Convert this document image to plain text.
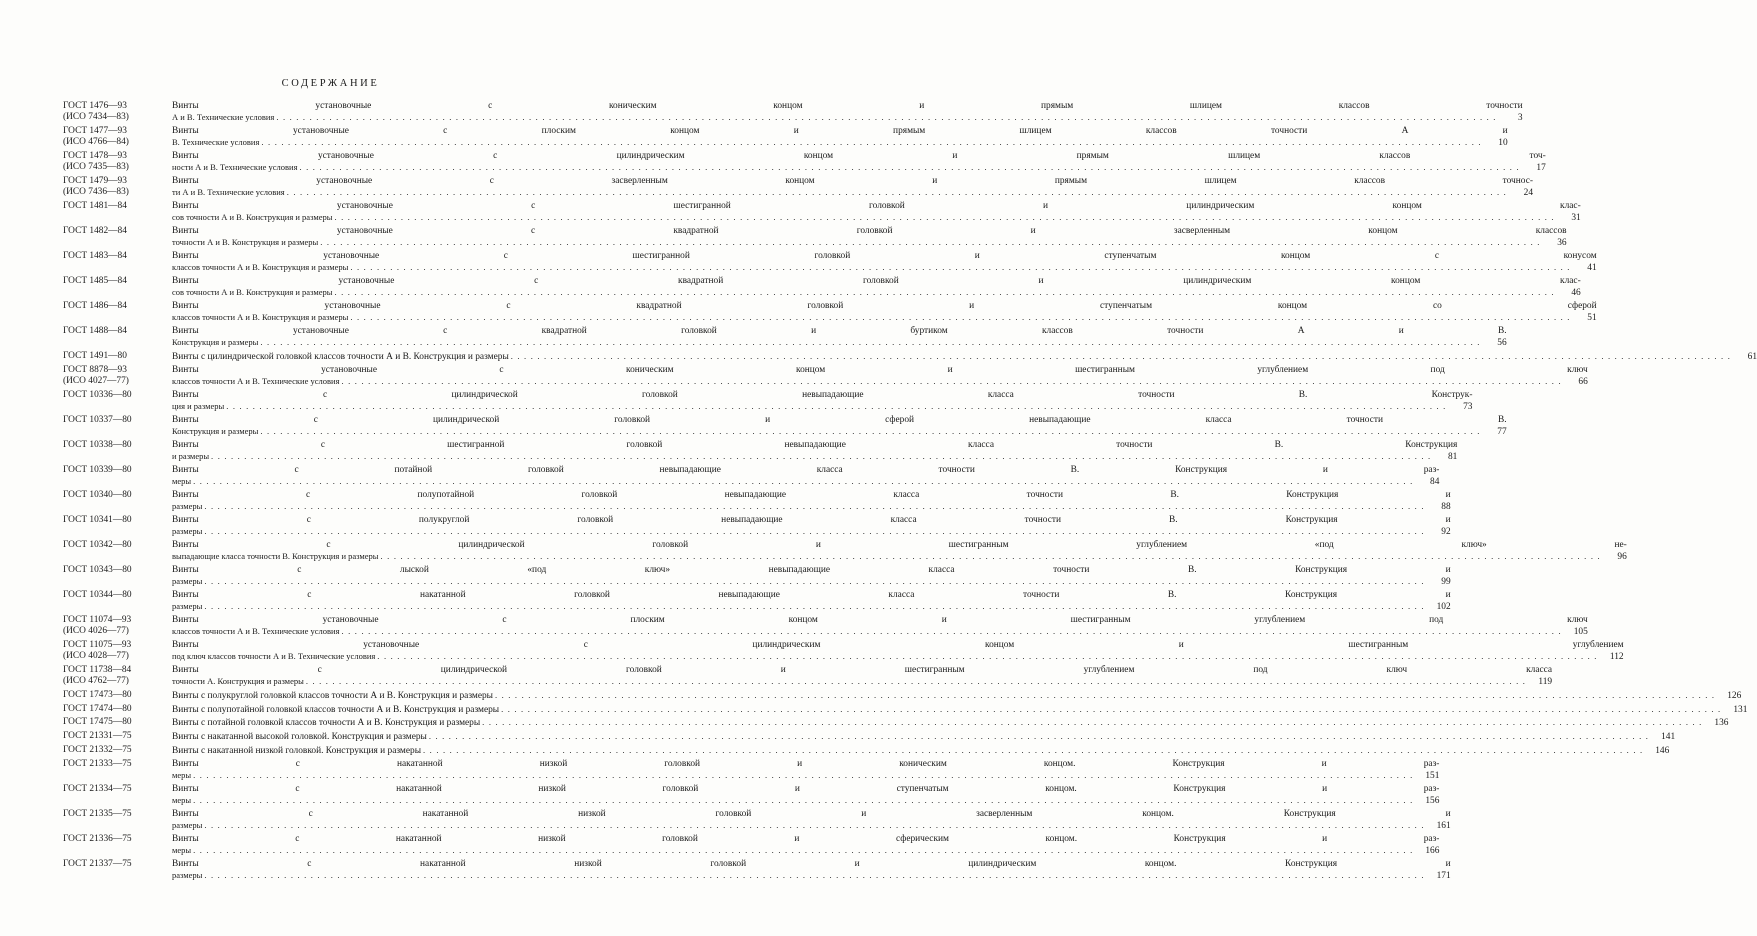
СОДЕРЖАНИЕ
ГОСТ 1476—93
(ИСО 7434—83)
Винты установочные с коническим концом и прямым шлицем классов точности
А и В. Технические условия . . .	3
ГОСТ 1477—93
(ИСО 4766—84)
Винты установочные с плоским концом и прямым шлицем классов точности А и
В. Технические условия . . .	10
ГОСТ 1478—93
(ИСО 7435—83)
Винты установочные с цилиндрическим концом и прямым шлицем классов точ-
ности А и В. Технические условия . . .	17
ГОСТ 1479—93
(ИСО 7436—83)
Винты установочные с засверленным концом и прямым шлицем классов точнос-
ти А и В. Технические условия . . .	24
ГОСТ 1481—84	Винты установочные с шестигранной головкой и цилиндрическим концом клас-
сов точности А и В. Конструкция и размеры . . .	31
ГОСТ 1482—84	Винты установочные с квадратной головкой и засверленным концом классов
точности А и В. Конструкция и размеры . . .	36
ГОСТ 1483—84	Винты установочные с шестигранной головкой и ступенчатым концом с конусом
классов точности А и В. Конструкция и размеры . . .	41
ГОСТ 1485—84	Винты установочные с квадратной головкой и цилиндрическим концом клас-
сов точности А и В. Конструкция и размеры . . .	46
ГОСТ 1486—84	Винты установочные с квадратной головкой и ступенчатым концом со сферой
классов точности А и В. Конструкция и размеры . . .	51
ГОСТ 1488—84	Винты установочные с квадратной головкой и буртиком классов точности А и В.
Конструкция и размеры . . .	56
ГОСТ 1491—80	Винты с цилиндрической головкой классов точности А и В. Конструкция и размеры . . .	61
ГОСТ 8878—93
(ИСО 4027—77)
Винты установочные с коническим концом и шестигранным углублением под ключ
классов точности А и В. Технические условия . . .	66
ГОСТ 10336—80	Винты с цилиндрической головкой невыпадающие класса точности В. Конструк-
ция и размеры . . .	73
ГОСТ 10337—80	Винты с цилиндрической головкой и сферой невыпадающие класса точности В.
Конструкция и размеры . . .	77
ГОСТ 10338—80	Винты с шестигранной головкой невыпадающие класса точности В. Конструкция
и размеры . . .	81
ГОСТ 10339—80	Винты с потайной головкой невыпадающие класса точности В. Конструкция и раз-
меры . . .	84
ГОСТ 10340—80	Винты с полупотайной головкой невыпадающие класса точности В. Конструкция и
размеры . . .	88
ГОСТ 10341—80	Винты с полукруглой головкой невыпадающие класса точности В. Конструкция и
размеры . . .	92
ГОСТ 10342—80	Винты с цилиндрической головкой и шестигранным углублением «под ключ» не-
выпадающие класса точности В. Конструкция и размеры . . .	96
ГОСТ 10343—80	Винты с лыской «под ключ» невыпадающие класса точности В. Конструкция и
размеры . . .	99
ГОСТ 10344—80	Винты с накатанной головкой невыпадающие класса точности В. Конструкция и
размеры . . .	102
ГОСТ 11074—93
(ИСО 4026—77)
Винты установочные с плоским концом и шестигранным углублением под ключ
классов точности А и В. Технические условия . . .	105
ГОСТ 11075—93
(ИСО 4028—77)
Винты установочные с цилиндрическим концом и шестигранным углублением
под ключ классов точности А и В. Технические условия . . .	112
ГОСТ 11738—84
(ИСО 4762—77)
Винты с цилиндрической головкой и шестигранным углублением под ключ класса
точности А. Конструкция и размеры . . .	119
ГОСТ 17473—80	Винты с полукруглой головкой классов точности А и В. Конструкция и размеры . . .	126
ГОСТ 17474—80	Винты с полупотайной головкой классов точности А и В. Конструкция и размеры . . .	131
ГОСТ 17475—80	Винты с потайной головкой классов точности А и В. Конструкция и размеры . . .	136
ГОСТ 21331—75	Винты с накатанной высокой головкой. Конструкция и размеры . . .	141
ГОСТ 21332—75	Винты с накатанной низкой головкой. Конструкция и размеры . . .	146
ГОСТ 21333—75	Винты с накатанной низкой головкой и коническим концом. Конструкция и раз-
меры . . .	151
ГОСТ 21334—75	Винты с накатанной низкой головкой и ступенчатым концом. Конструкция и раз-
меры . . .	156
ГОСТ 21335—75	Винты с накатанной низкой головкой и засверленным концом. Конструкция и
размеры . . .	161
ГОСТ 21336—75	Винты с накатанной низкой головкой и сферическим концом. Конструкция и раз-
меры . . .	166
ГОСТ 21337—75	Винты с накатанной низкой головкой и цилиндрическим концом. Конструкция и
размеры . . .	171
